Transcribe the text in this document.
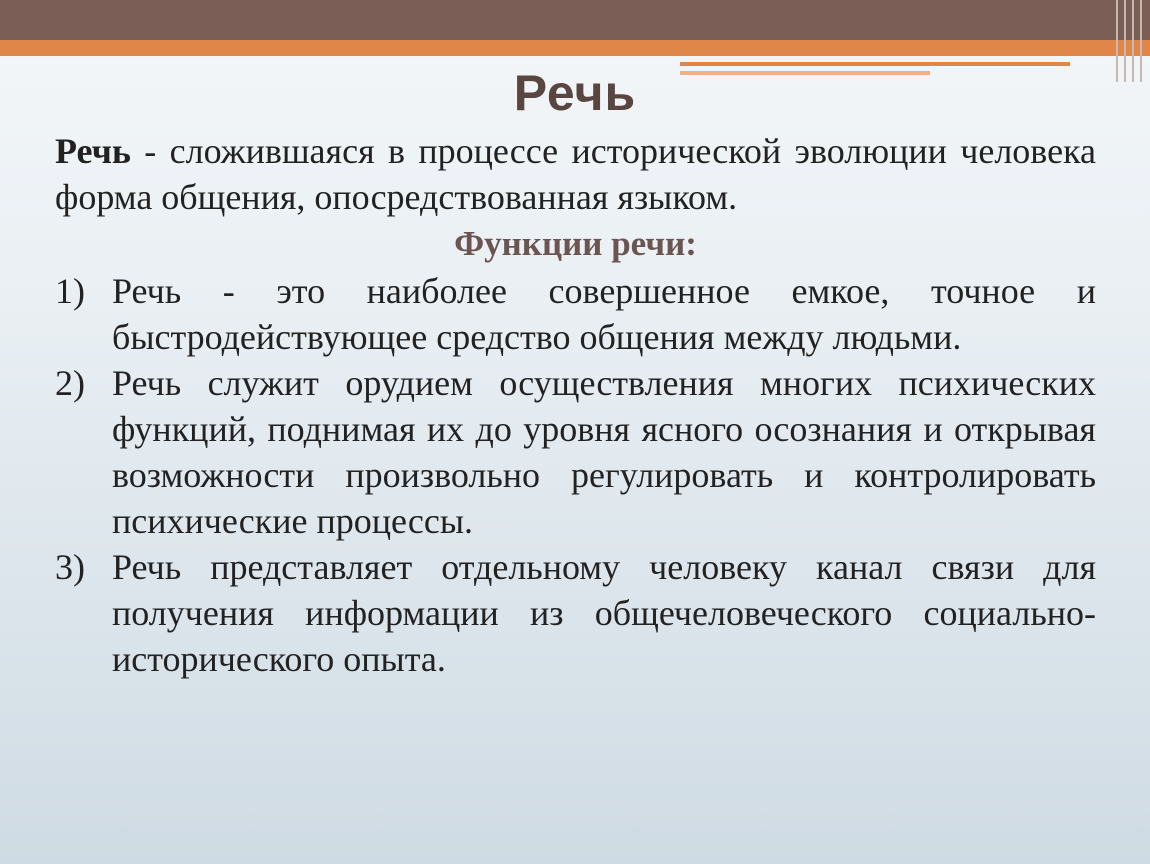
Речь
Речь - сложившаяся в процессе исторической эволюции человека форма общения, опосредствованная языком.
Функции речи:
1) Речь - это наиболее совершенное емкое, точное и быстродействующее средство общения между людьми.
2) Речь служит орудием осуществления многих психических функций, поднимая их до уровня ясного осознания и открывая возможности произвольно регулировать и контролировать психические процессы.
3) Речь представляет отдельному человеку канал связи для получения информации из общечеловеческого социально-исторического опыта.
